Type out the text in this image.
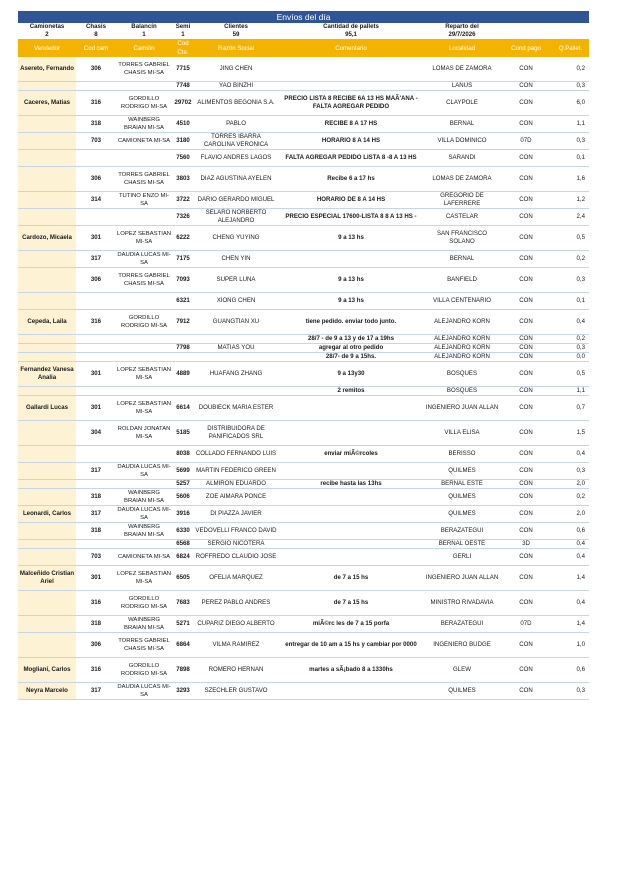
Envíos del día
Camionetas	Chasis	Balancín	Semi	Clientes	Cantidad de pallets	Reparto del		
2	8	1	1	59	95,1	29/7/2026		
Vendedor	Cod cam	Camión	Cod Cte.	Razón Social	Comentario	Localidad	Cond pago	Q.Pallet.
Asereto, Fernando	306	TORRES GABRIEL CHASIS MI-SA	7715	JING CHEN		LOMAS DE ZAMORA	CON	0,2
			7748	YAO BINZHI		LANUS	CON	0,3
Caceres, Matias	316	GORDILLO RODRIGO MI-SA	29702	ALIMENTOS BEGONIA S.A.	PRECIO LISTA 8 RECIBE 6A 13 HS MAÃ'ANA -FALTA AGREGAR PEDIDO	CLAYPOLE	CON	6,0
	318	WAINBERG BRAIAN MI-SA	4510	PABLO	RECIBE 8 A 17 HS	BERNAL	CON	1,1
	703	CAMIONETA MI-SA	3180	TORRES IBARRA CAROLINA VERONICA	HORARIO 8 A 14 HS	VILLA DOMINICO	07D	0,3
			7560	FLAVIO ANDRES LAGOS	FALTA AGREGAR PEDIDO LISTA 8 -8 A 13 HS	SARANDI	CON	0,1
	306	TORRES GABRIEL CHASIS MI-SA	3803	DIAZ AGUSTINA AYELEN	Recibe 6 a 17 hs	LOMAS DE ZAMORA	CON	1,6
	314	TUTINO ENZO MI-SA	3722	DARIO GERARDO MIGUEL	HORARIO DE 8 A 14 HS	GREGORIO DE LAFERRERE	CON	1,2
			7326	SELARO NORBERTO ALEJANDRO	PRECIO ESPECIAL 17600-LISTA 8 8 A 13 HS -	CASTELAR	CON	2,4
Cardozo, Micaela	301	LOPEZ SEBASTIAN MI-SA	6222	CHENG YUYING	9 a 13 hs	SAN FRANCISCO SOLANO	CON	0,5
	317	DAUDIA LUCAS MI-SA	7175	CHEN YIN		BERNAL	CON	0,2
	306	TORRES GABRIEL CHASIS MI-SA	7093	SUPER LUNA	9 a 13 hs	BANFIELD	CON	0,3
			6321	XIONG CHEN	9 a 13 hs	VILLA CENTENARIO	CON	0,1
Cepeda, Laila	316	GORDILLO RODRIGO MI-SA	7912	GUANGTIAN XU	tiene pedido. enviar todo junto.	ALEJANDRO KORN	CON	0,4
					28/7 - de 9 a 13 y de 17 a 19hs	ALEJANDRO KORN	CON	0,2
			7798	MATIAS YOU	agregar al otro pedido	ALEJANDRO KORN	CON	0,3
					28/7- de 9 a 15hs.	ALEJANDRO KORN	CON	0,0
Fernandez Vanesa Analia	301	LOPEZ SEBASTIAN MI-SA	4889	HUAFANG ZHANG	9 a 13y30	BOSQUES	CON	0,5
					2 remitos	BOSQUES	CON	1,1
Gallardi Lucas	301	LOPEZ SEBASTIAN MI-SA	6614	DOUBIECK MARIA ESTER		INGENIERO JUAN ALLAN	CON	0,7
	304	ROLDAN JONATAN MI-SA	5185	DISTRIBUIDORA DE PANIFICADOS SRL		VILLA ELISA	CON	1,5
			8038	COLLADO FERNANDO LUIS	enviar miÃ©rcoles	BERISSO	CON	0,4
	317	DAUDIA LUCAS MI-SA	5699	MARTIN FEDERICO GREEN		QUILMES	CON	0,3
			5257	ALMIRON EDUARDO	recibe hasta las 13hs	BERNAL ESTE	CON	2,0
	318	WAINBERG BRAIAN MI-SA	5606	ZOE AIMARA PONCE		QUILMES	CON	0,2
Leonardi, Carlos	317	DAUDIA LUCAS MI-SA	3916	DI PIAZZA JAVIER		QUILMES	CON	2,0
	318	WAINBERG BRAIAN MI-SA	6330	VEDOVELLI FRANCO DAVID		BERAZATEGUI	CON	0,6
			6568	SERGIO NICOTERA		BERNAL OESTE	3D	0,4
	703	CAMIONETA MI-SA	6824	ROFFREDO CLAUDIO JOSE		GERLI	CON	0,4
Malceñido Cristian Ariel	301	LOPEZ SEBASTIAN MI-SA	6505	OFELIA MARQUEZ	de 7 a 15 hs	INGENIERO JUAN ALLAN	CON	1,4
	316	GORDILLO RODRIGO MI-SA	7683	PEREZ PABLO ANDRES	de 7 a 15 hs	MINISTRO RIVADAVIA	CON	0,4
	318	WAINBERG BRAIAN MI-SA	5271	CUPARIZ DIEGO ALBERTO	miÃ©rc les de 7 a 15 porfa	BERAZATEGUI	07D	1,4
	306	TORRES GABRIEL CHASIS MI-SA	6864	VILMA RAMIREZ	entregar de 10 am a 15 hs y cambiar por 0000	INGENIERO BUDGE	CON	1,0
Mogliani, Carlos	316	GORDILLO RODRIGO MI-SA	7898	ROMERO HERNAN	martes a sÃ¡bado 8 a 1330hs	GLEW	CON	0,6
Neyra Marcelo	317	DAUDIA LUCAS MI-SA	3293	SZECHLER GUSTAVO		QUILMES	CON	0,3
